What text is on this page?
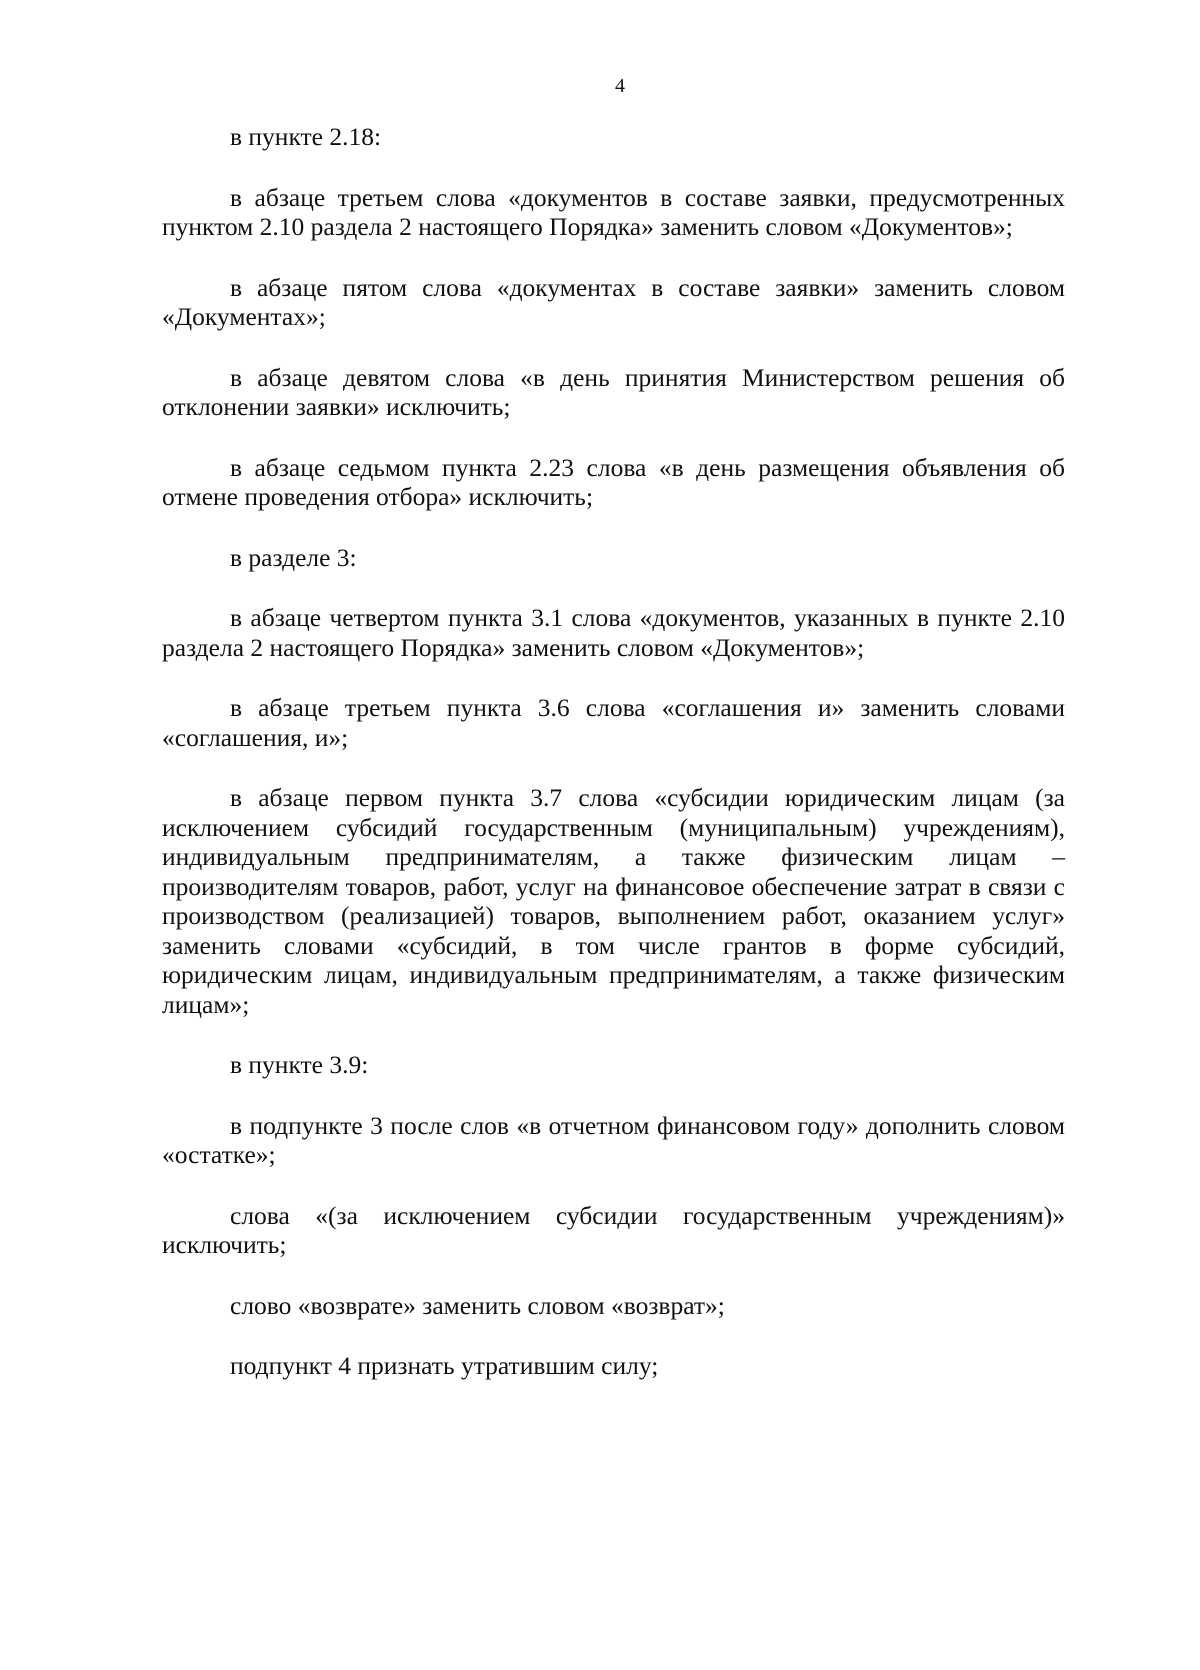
4

в пункте 2.18:

в абзаце третьем слова «документов в составе заявки, предусмотренных пунктом 2.10 раздела 2 настоящего Порядка» заменить словом «Документов»;

в абзаце пятом слова «документах в составе заявки» заменить словом «Документах»;

в абзаце девятом слова «в день принятия Министерством решения об отклонении заявки» исключить;

в абзаце седьмом пункта 2.23 слова «в день размещения объявления об отмене проведения отбора» исключить;

в разделе 3:

в абзаце четвертом пункта 3.1 слова «документов, указанных в пункте 2.10 раздела 2 настоящего Порядка» заменить словом «Документов»;

в абзаце третьем пункта 3.6 слова «соглашения и» заменить словами «соглашения, и»;

в абзаце первом пункта 3.7 слова «субсидии юридическим лицам (за исключением субсидий государственным (муниципальным) учреждениям), индивидуальным предпринимателям, а также физическим лицам – производителям товаров, работ, услуг на финансовое обеспечение затрат в связи с производством (реализацией) товаров, выполнением работ, оказанием услуг» заменить словами «субсидий, в том числе грантов в форме субсидий, юридическим лицам, индивидуальным предпринимателям, а также физическим лицам»;

в пункте 3.9:

в подпункте 3 после слов «в отчетном финансовом году» дополнить словом «остатке»;

слова «(за исключением субсидии государственным учреждениям)» исключить;

слово «возврате» заменить словом «возврат»;

подпункт 4 признать утратившим силу;
